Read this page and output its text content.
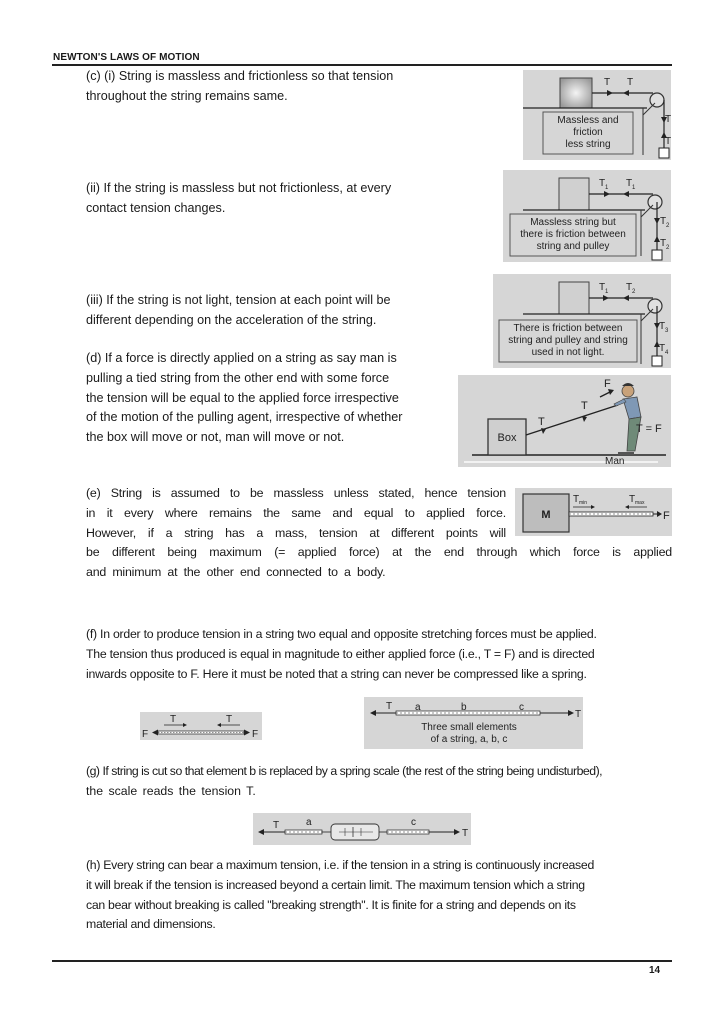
NEWTON'S LAWS OF MOTION
(c) (i) String is massless and frictionless so that tension
throughout the string remains same.
T T
T
T
Massless and
friction
less string
(ii) If the string is massless but not frictionless, at every
contact tension changes.
T 1 T 1
T 2
T 2
Massless string but
there is friction between
string and pulley
(iii) If the string is not light, tension at each point will be
different depending on the acceleration of the string.
T 1 T 2
T 3
T 4
There is friction between
string and pulley and string
used in not light.
(d) If a force is directly applied on a string as say man is
pulling a tied string from the other end with some force
the tension will be equal to the applied force irrespective
of the motion of the pulling agent, irrespective of whether
the box will move or not, man will move or not.	Box
T
T
F
T = F
Man
(e) String is assumed to be massless unless stated, hence tension
in it every where remains the same and equal to applied force.
However, if a string has a mass, tension at different points will
be different being maximum (= applied force) at the end through which force is applied
and minimum at the other end connected to a body.
M	F
T min	T max
(f) In order to produce tension in a string two equal and opposite stretching forces must be applied.
The tension thus produced is equal in magnitude to either applied force (i.e., T = F) and is directed
inwards opposite to F. Here it must be noted that a string can never be compressed like a spring.
F	F
T	T
T
T
a	b	c
Three small elements
of a string, a, b, c
(g) If string is cut so that element b is replaced by a spring scale (the rest of the string being undisturbed),
the scale reads the tension T.
T	a	c
T
(h) Every string can bear a maximum tension, i.e. if the tension in a string is continuously increased
it will break if the tension is increased beyond a certain limit. The maximum tension which a string
can bear without breaking is called "breaking strength". It is finite for a string and depends on its
material and dimensions.
14
